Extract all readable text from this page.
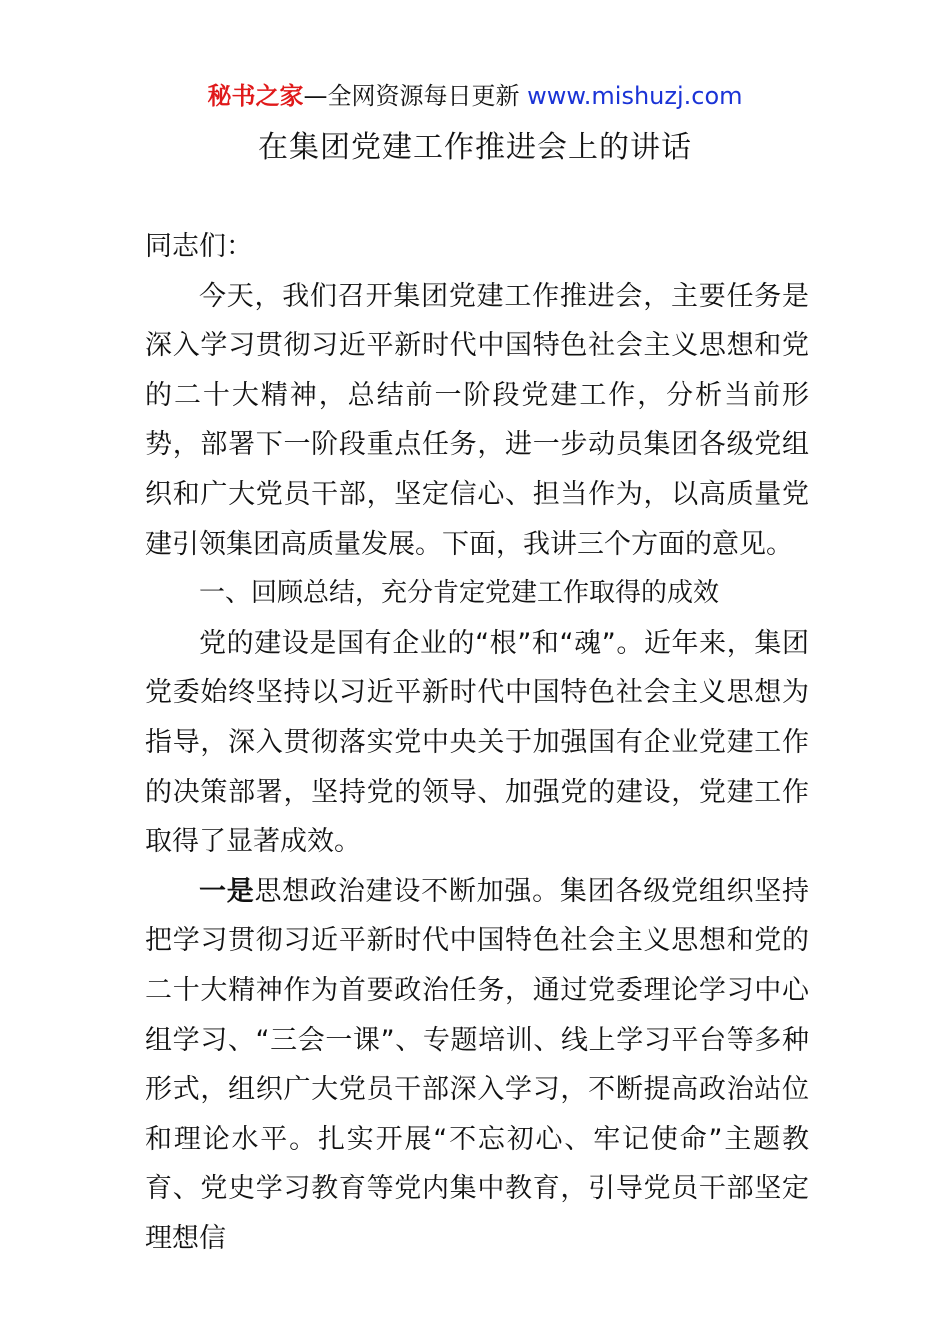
秘书之家—全网资源每日更新 www.mishuzj.com
在集团党建工作推进会上的讲话

同志们：

今天，我们召开集团党建工作推进会，主要任务是深入学习贯彻习近平新时代中国特色社会主义思想和党的二十大精神，总结前一阶段党建工作，分析当前形势，部署下一阶段重点任务，进一步动员集团各级党组织和广大党员干部，坚定信心、担当作为，以高质量党建引领集团高质量发展。下面，我讲三个方面的意见。

一、回顾总结，充分肯定党建工作取得的成效

党的建设是国有企业的“根”和“魂”。近年来，集团党委始终坚持以习近平新时代中国特色社会主义思想为指导，深入贯彻落实党中央关于加强国有企业党建工作的决策部署，坚持党的领导、加强党的建设，党建工作取得了显著成效。

一是思想政治建设不断加强。集团各级党组织坚持把学习贯彻习近平新时代中国特色社会主义思想和党的二十大精神作为首要政治任务，通过党委理论学习中心组学习、“三会一课”、专题培训、线上学习平台等多种形式，组织广大党员干部深入学习，不断提高政治站位和理论水平。扎实开展“不忘初心、牢记使命”主题教育、党史学习教育等党内集中教育，引导党员干部坚定理想信
